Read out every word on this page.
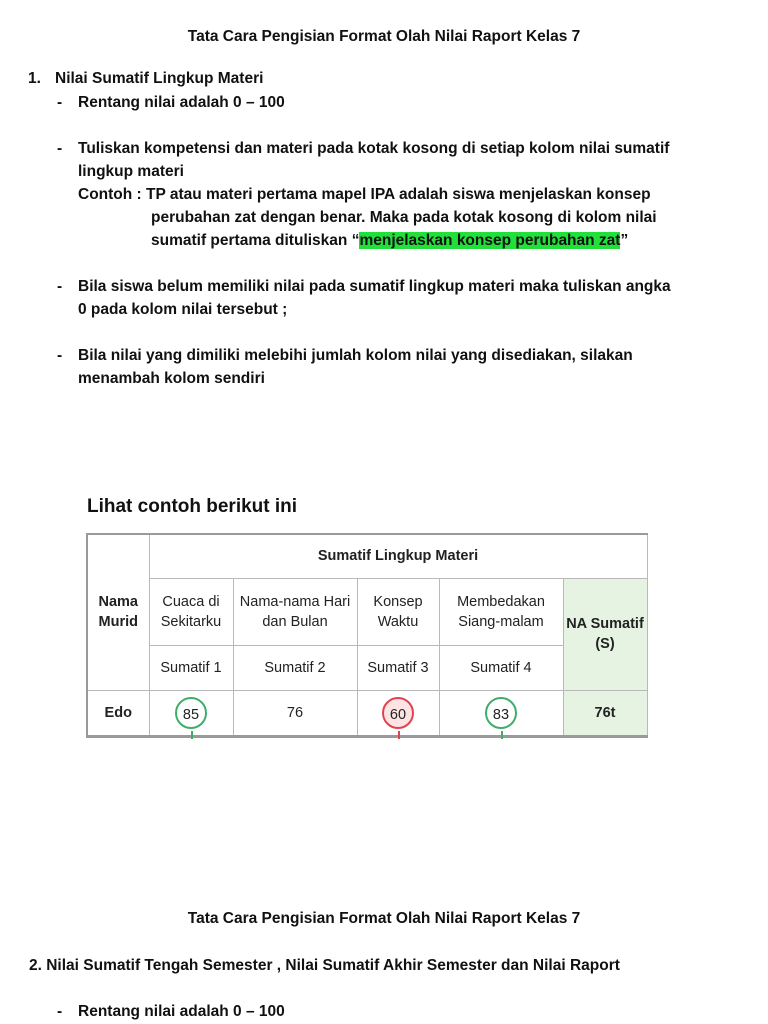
Tata Cara Pengisian Format Olah Nilai Raport Kelas 7
1. Nilai Sumatif Lingkup Materi
- Rentang nilai adalah 0 – 100
- Tuliskan kompetensi dan materi pada kotak kosong di setiap kolom nilai sumatif
lingkup materi
Contoh : TP atau materi pertama mapel IPA adalah siswa menjelaskan konsep
perubahan zat dengan benar. Maka pada kotak kosong di kolom nilai
sumatif pertama dituliskan “menjelaskan konsep perubahan zat”
- Bila siswa belum memiliki nilai pada sumatif lingkup materi maka tuliskan angka
0 pada kolom nilai tersebut ;
- Bila nilai yang dimiliki melebihi jumlah kolom nilai yang disediakan, silakan
menambah kolom sendiri
Lihat contoh berikut ini
Nama Murid	Sumatif Lingkup Materi				
	Cuaca di Sekitarku	Nama-nama Hari dan Bulan	Konsep Waktu	Membedakan Siang-malam	NA Sumatif (S)
	Sumatif 1	Sumatif 2	Sumatif 3	Sumatif 4	
Edo	85	76	60	83	76t
Tata Cara Pengisian Format Olah Nilai Raport Kelas 7
2. Nilai Sumatif Tengah Semester , Nilai Sumatif Akhir Semester dan Nilai Raport
- Rentang nilai adalah 0 – 100
